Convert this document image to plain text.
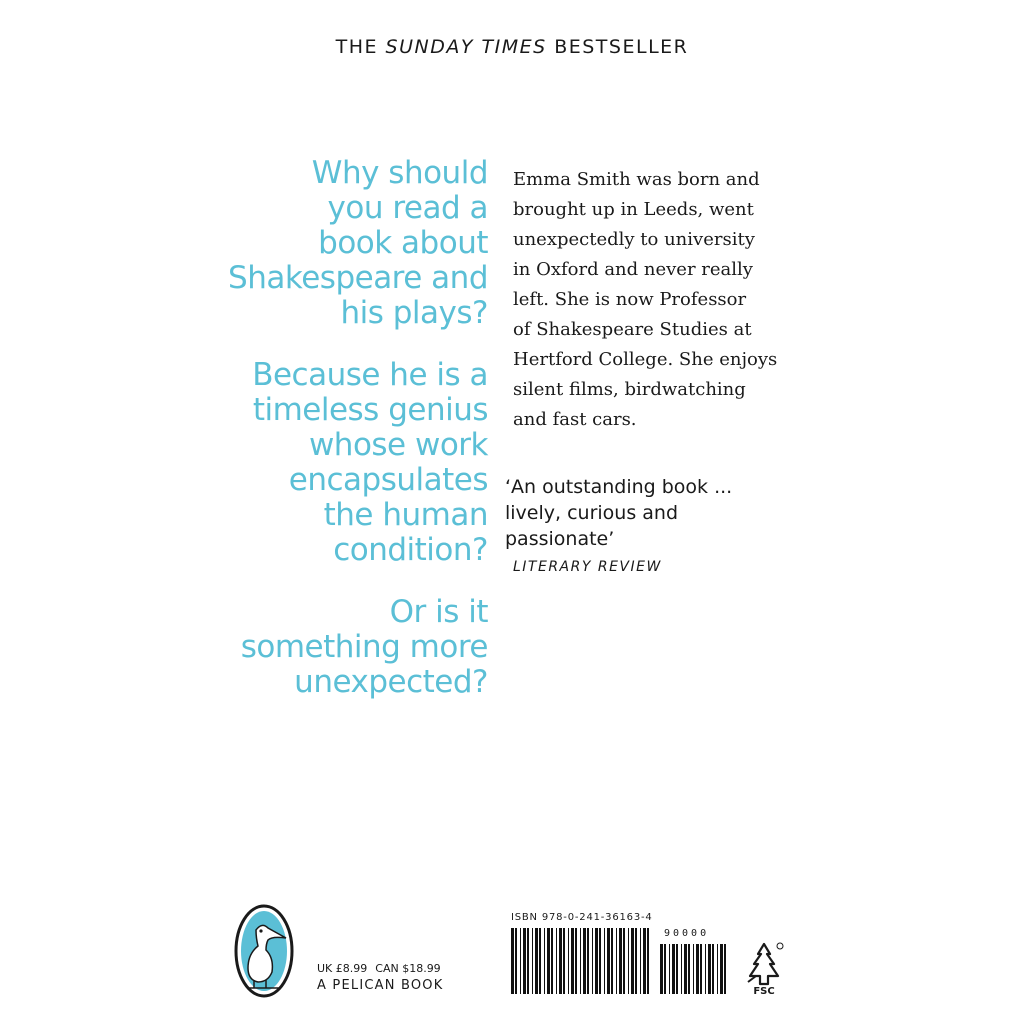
THE SUNDAY TIMES BESTSELLER
Why should
you read a
book about
Shakespeare and
his plays?
Because he is a
timeless genius
whose work
encapsulates
the human
condition?
Or is it
something more
unexpected?
Emma Smith was born and
brought up in Leeds, went
unexpectedly to university
in Oxford and never really
left. She is now Professor
of Shakespeare Studies at
Hertford College. She enjoys
silent films, birdwatching
and fast cars.
‘An outstanding book ...
lively, curious and
passionate’
LITERARY REVIEW
UK £8.99 CAN $18.99
A PELICAN BOOK
ISBN 978-0-241-36163-4
90000
FSC
